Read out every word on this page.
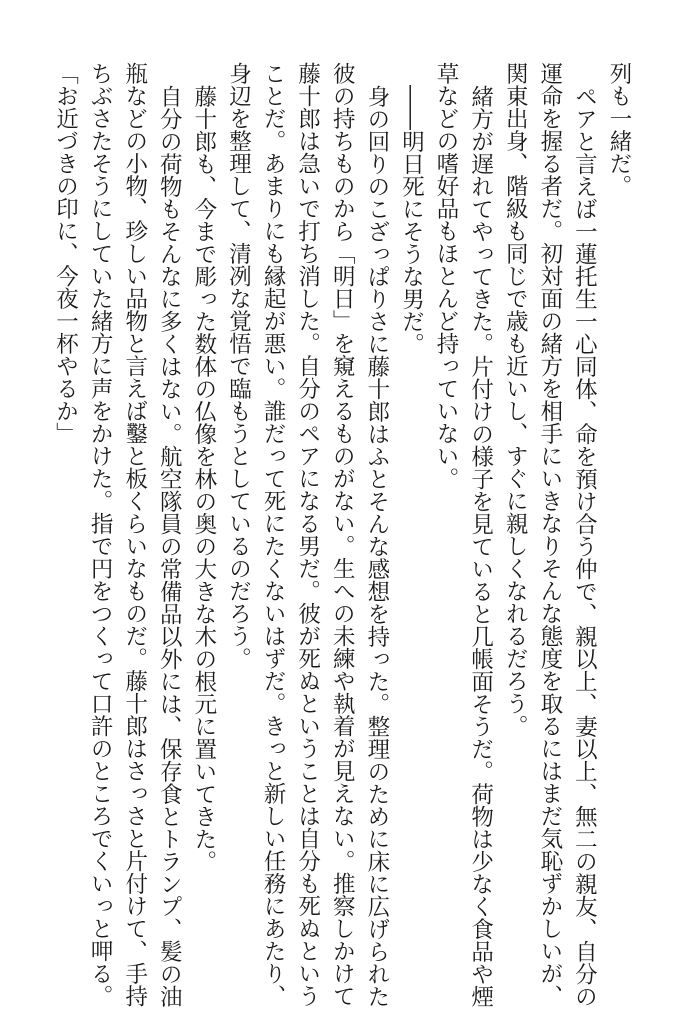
列も一緒だ。
ペアと言えば一蓮托生一心同体、命を預け合う仲で、親以上、妻以上、無二の親友、自分の
運命を握る者だ。初対面の緒方を相手にいきなりそんな態度を取るにはまだ気恥ずかしいが、
関東出身、階級も同じで歳も近いし、すぐに親しくなれるだろう。
緒方が遅れてやってきた。片付けの様子を見ていると几帳面そうだ。荷物は少なく食品や煙
草などの嗜好品もほとんど持っていない。
――明日死にそうな男だ。
身の回りのこざっぱりさに藤十郎はふとそんな感想を持った。整理のために床に広げられた
彼の持ちものから「明日」を窺えるものがない。生への未練や執着が見えない。推察しかけて
藤十郎は急いで打ち消した。自分のペアになる男だ。彼が死ぬということは自分も死ぬという
ことだ。あまりにも縁起が悪い。誰だって死にたくないはずだ。きっと新しい任務にあたり、
身辺を整理して、清冽な覚悟で臨もうとしているのだろう。
藤十郎も、今まで彫った数体の仏像を林の奥の大きな木の根元に置いてきた。
自分の荷物もそんなに多くはない。航空隊員の常備品以外には、保存食とトランプ、髪の油
瓶などの小物、珍しい品物と言えば鑿と板くらいなものだ。藤十郎はさっさと片付けて、手持
ちぶさたそうにしていた緒方に声をかけた。指で円をつくって口許のところでくいっと呷る。
「お近づきの印に、今夜一杯やるか」
